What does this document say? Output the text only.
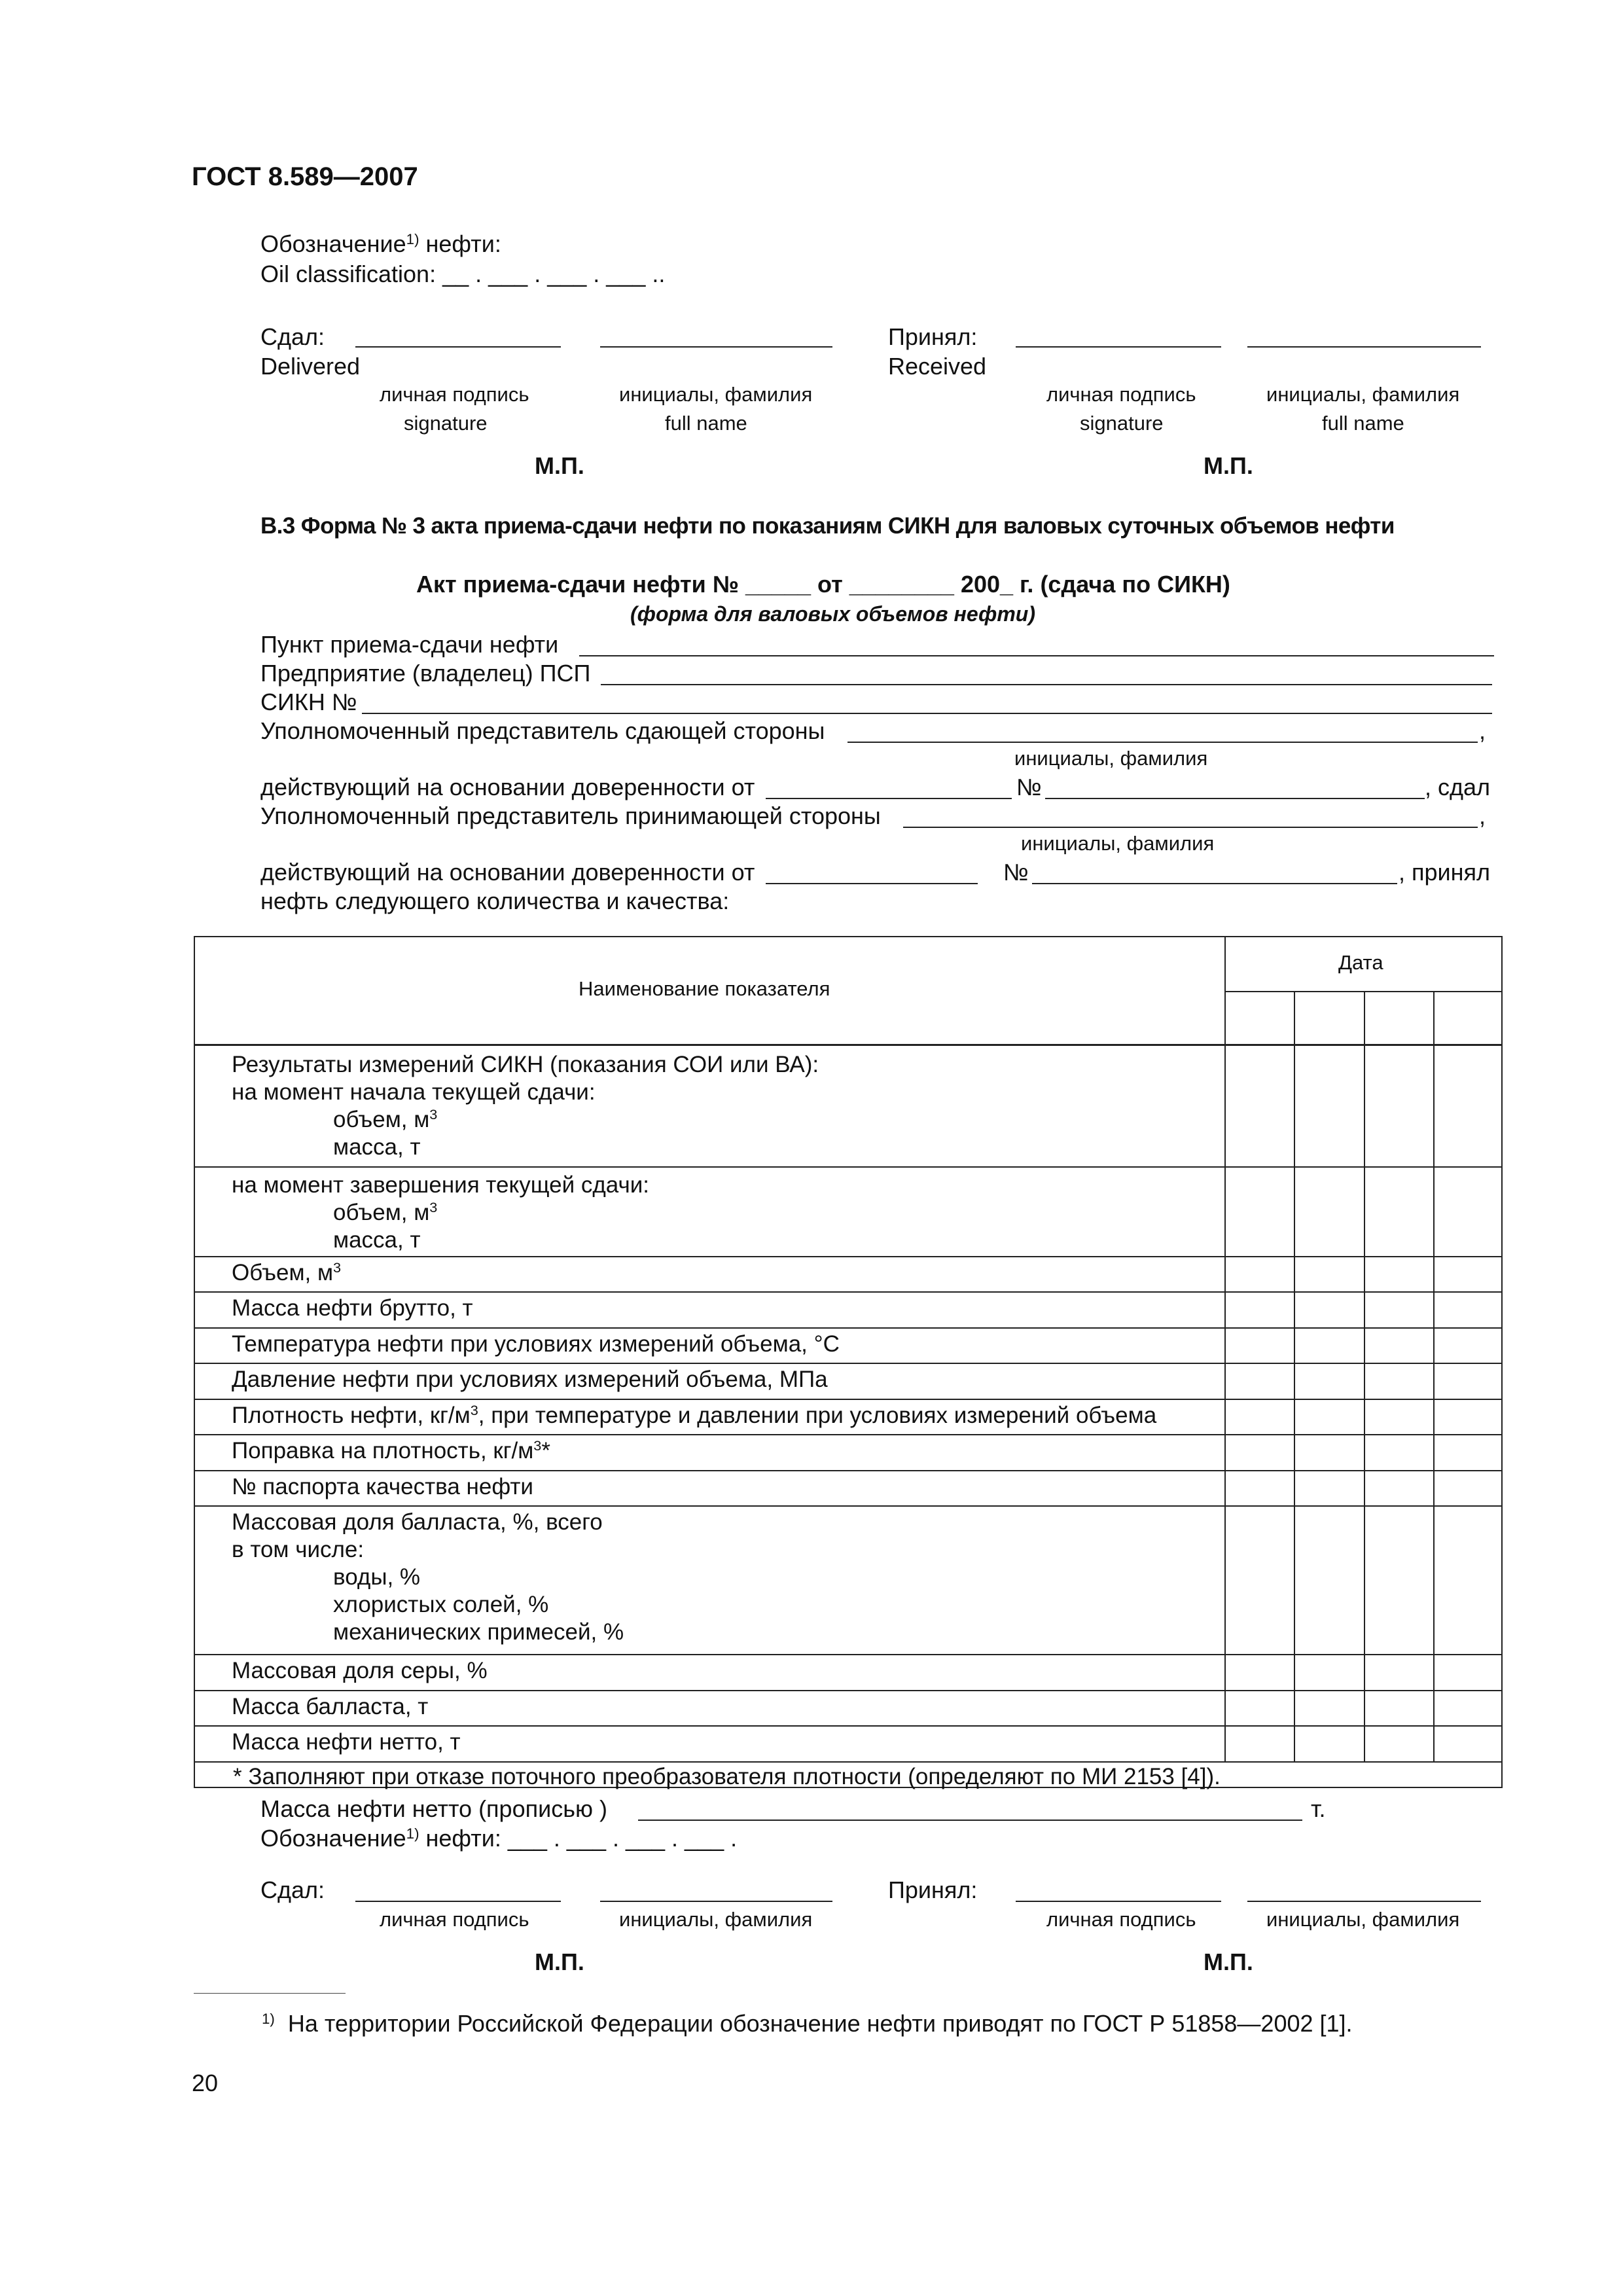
ГОСТ 8.589—2007
Обозначение$^{1)}$ нефти:
Oil classification: __ . ___ . ___ . ___ ..
Сдал:
Delivered
Принял:
Received
личная подпись
signature
инициалы, фамилия
full name
личная подпись
signature
инициалы, фамилия
full name
М.П.	М.П.
В.3 Форма № 3 акта приема-сдачи нефти по показаниям СИКН для валовых суточных объемов нефти
Акт приема-сдачи нефти № _____ от ________ 200_ г. (сдача по СИКН)
(форма для валовых объемов нефти)
Пункт приема-сдачи нефти
Предприятие (владелец) ПСП
СИКН №
Уполномоченный представитель сдающей стороны	,
инициалы, фамилия
действующий на основании доверенности от	№	, сдал
Уполномоченный представитель принимающей стороны	,
инициалы, фамилия
действующий на основании доверенности от	№	, принял
нефть следующего количества и качества:
Наименование показателя
Дата
Результаты измерений СИКН (показания СОИ или ВА):
на момент начала текущей сдачи:
объем, $м^3$
масса, т
на момент завершения текущей сдачи:
объем, $м^3$
масса, т
Объем, $м^3$
Масса нефти брутто, т
Температура нефти при условиях измерений объема, °С
Давление нефти при условиях измерений объема, МПа
Плотность нефти, $кг/м^3$, при температуре и давлении при условиях измерений объема
Поправка на плотность, $кг/м^3*$
№ паспорта качества нефти
Массовая доля балласта, %, всего
в том числе:
воды, %
хлористых солей, %
механических примесей, %
Массовая доля серы, %
Масса балласта, т
Масса нефти нетто, т
* Заполняют при отказе поточного преобразователя плотности (определяют по МИ 2153 [4]).
Масса нефти нетто (прописью )	т.
Обозначение$^{1)}$ нефти: ___ . ___ . ___ . ___ .
Сдал:	Принял:
личная подпись	инициалы, фамилия	личная подпись	инициалы, фамилия
М.П.	М.П.
$^{1)}$ На территории Российской Федерации обозначение нефти приводят по ГОСТ Р 51858—2002 [1].
20
